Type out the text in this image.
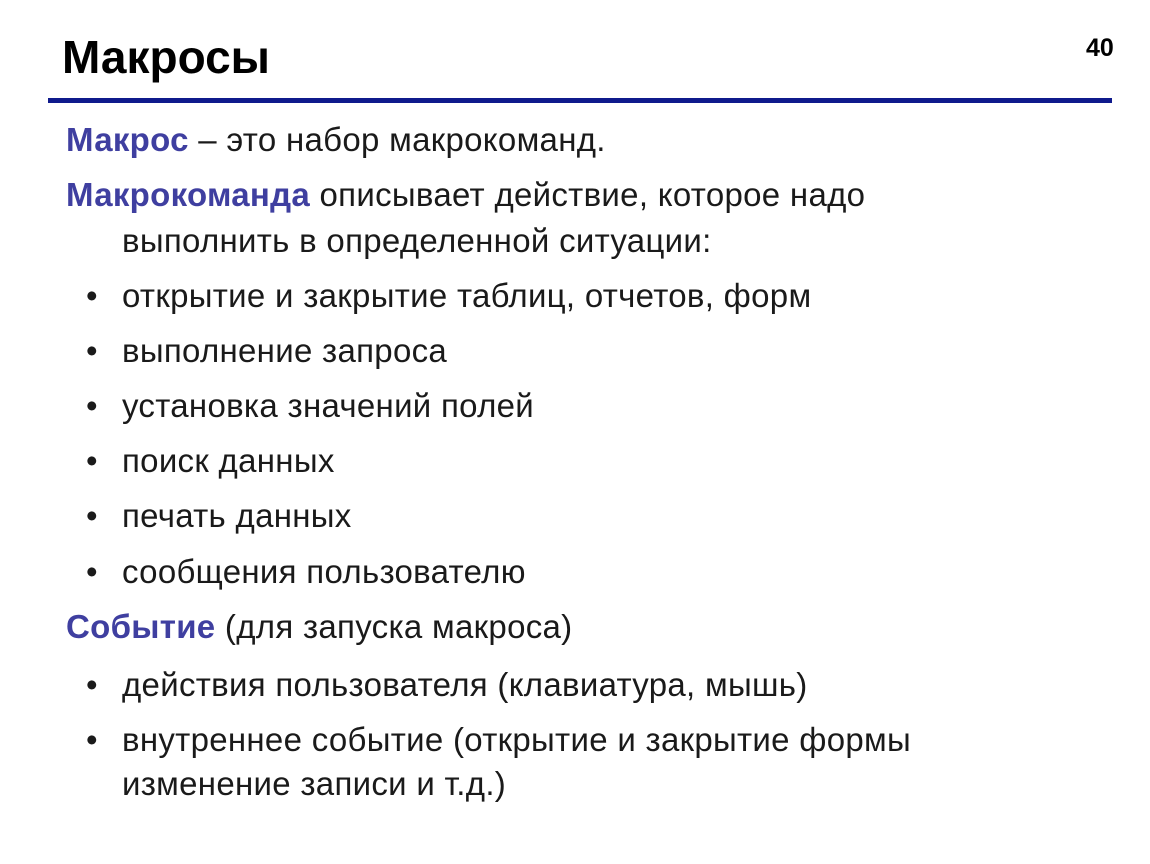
Макросы	40
Макрос – это набор макрокоманд.
Макрокоманда описывает действие, которое надо
выполнить в определенной ситуации:
• открытие и закрытие таблиц, отчетов, форм
• выполнение запроса
• установка значений полей
• поиск данных
• печать данных
• сообщения пользователю
Событие (для запуска макроса)
• действия пользователя (клавиатура, мышь)
• внутреннее событие (открытие и закрытие формы
изменение записи и т.д.)
